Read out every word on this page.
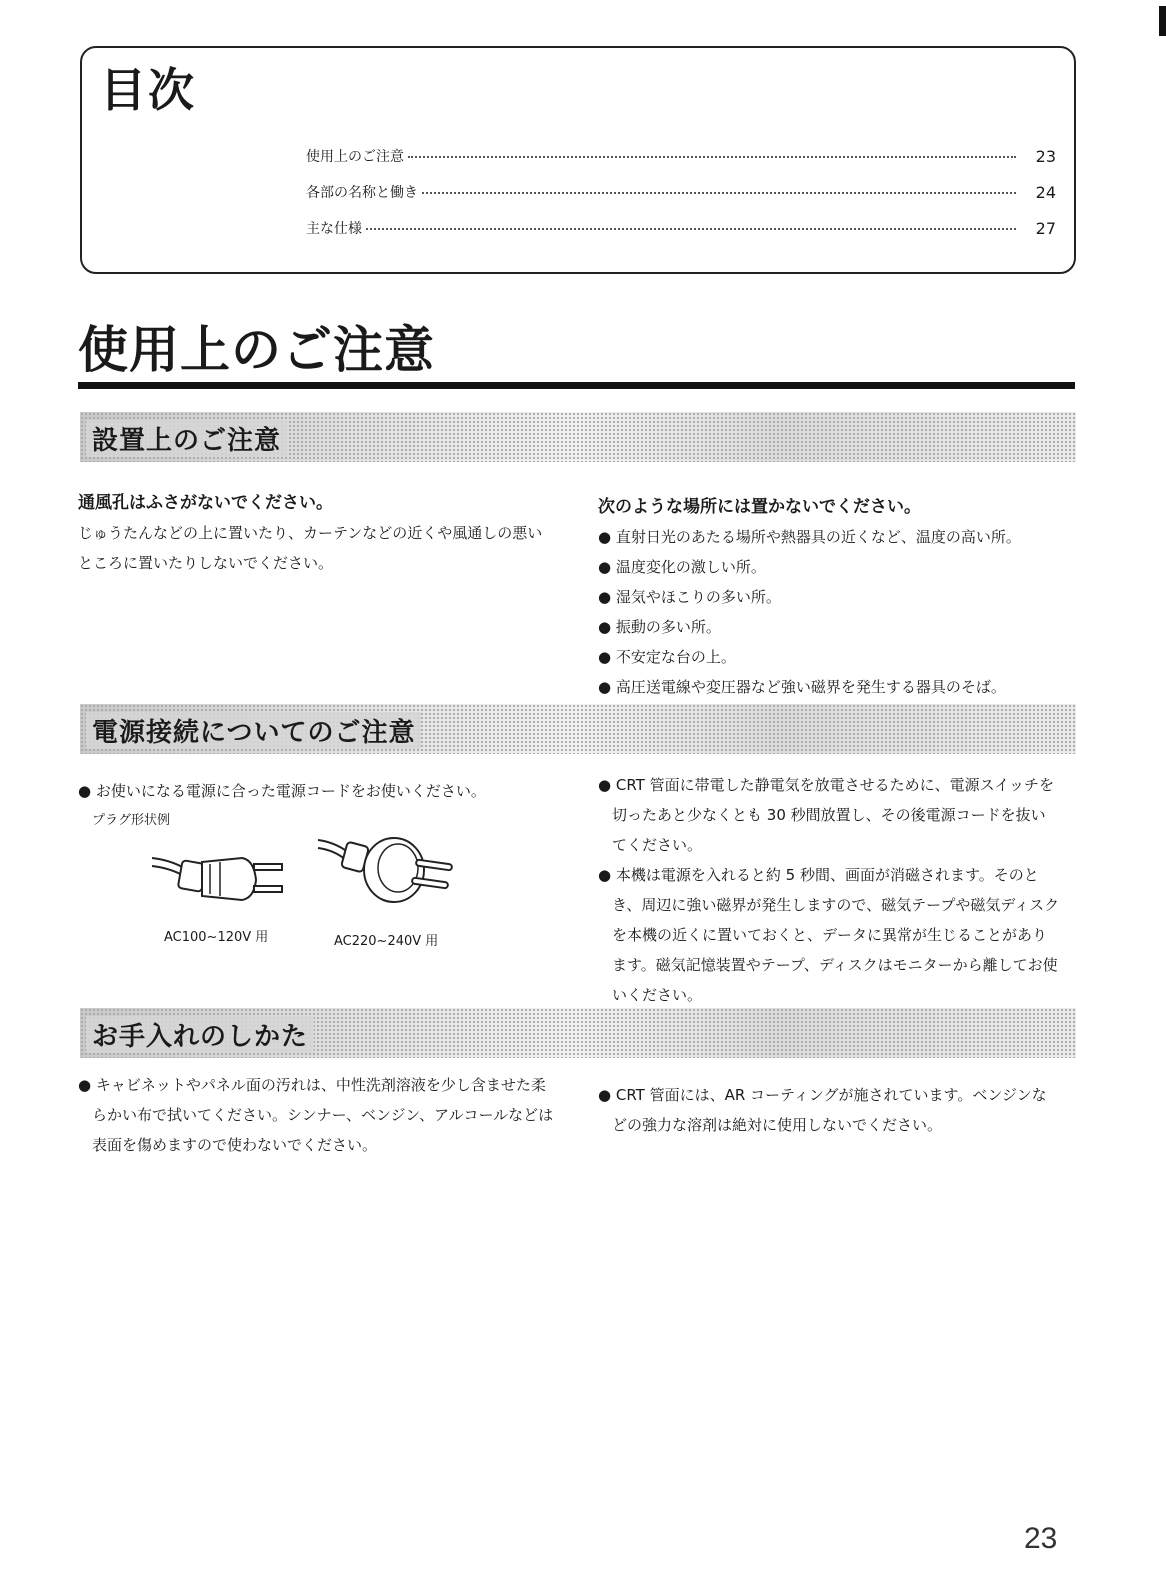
目次
使用上のご注意	23
各部の名称と働き	24
主な仕様	27
使用上のご注意
設置上のご注意

通風孔はふさがないでください。

じゅうたんなどの上に置いたり、カーテンなどの近くや風通しの悪いところに置いたりしないでください。

次のような場所には置かないでください。

● 直射日光のあたる場所や熱器具の近くなど、温度の高い所。

● 温度変化の激しい所。

● 湿気やほこりの多い所。

● 振動の多い所。

● 不安定な台の上。

● 高圧送電線や変圧器など強い磁界を発生する器具のそば。

電源接続についてのご注意

● お使いになる電源に合った電源コードをお使いください。

プラグ形状例

AC100~120V 用	AC220~240V 用

● CRT 管面に帯電した静電気を放電させるために、電源スイッチを切ったあと少なくとも 30 秒間放置し、その後電源コードを抜いてください。

● 本機は電源を入れると約 5 秒間、画面が消磁されます。そのとき、周辺に強い磁界が発生しますので、磁気テープや磁気ディスクを本機の近くに置いておくと、データに異常が生じることがあります。磁気記憶装置やテープ、ディスクはモニターから離してお使いください。

お手入れのしかた

● キャビネットやパネル面の汚れは、中性洗剤溶液を少し含ませた柔らかい布で拭いてください。シンナー、ベンジン、アルコールなどは表面を傷めますので使わないでください。

● CRT 管面には、AR コーティングが施されています。ベンジンなどの強力な溶剤は絶対に使用しないでください。

23
